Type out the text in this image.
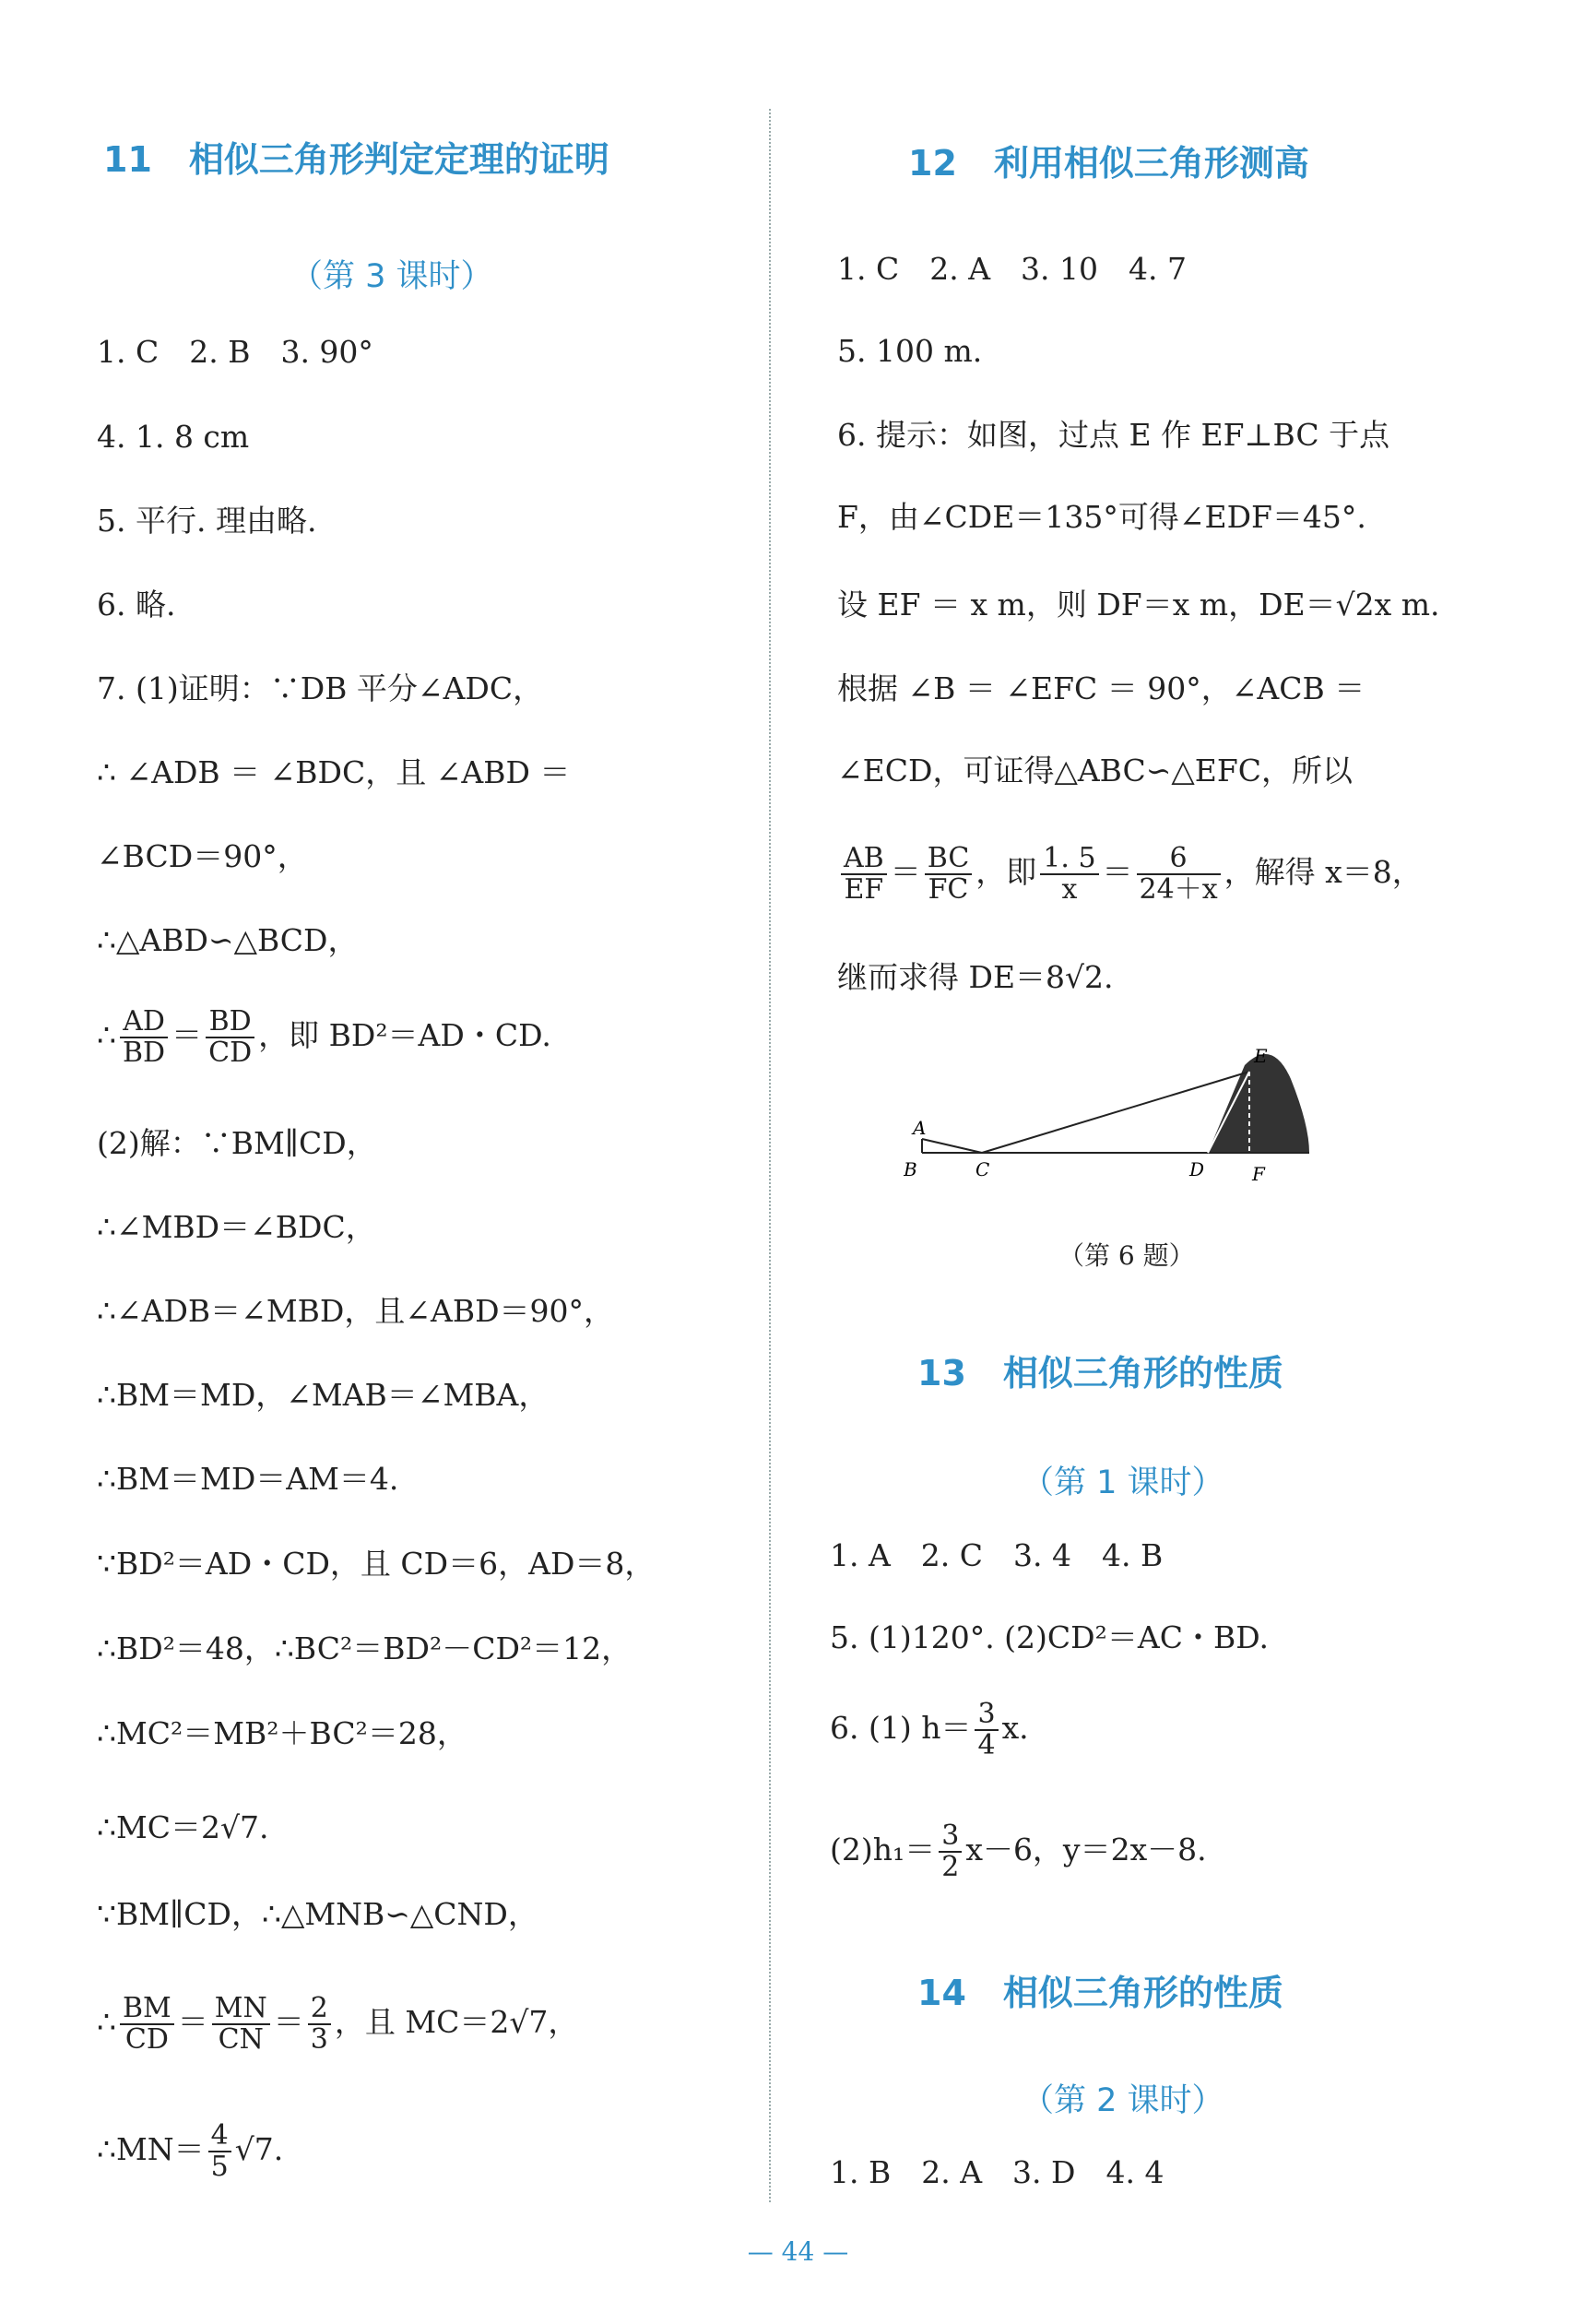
11 相似三角形判定定理的证明
（第 3 课时）
1. C　2. B　3. 90°
4. 1. 8 cm
5. 平行. 理由略.
6. 略.
7. (1)证明：∵DB 平分∠ADC，
∴ ∠ADB ＝ ∠BDC，且 ∠ABD ＝
∠BCD＝90°，
∴△ABD∽△BCD，
∴ $\frac{AD}{BD} = \frac{BD}{CD}$ ，即 BD²＝AD・CD.
(2)解：∵BM∥CD，
∴∠MBD＝∠BDC，
∴∠ADB＝∠MBD，且∠ABD＝90°，
∴BM＝MD，∠MAB＝∠MBA，
∴BM＝MD＝AM＝4.
∵BD²＝AD・CD，且 CD＝6，AD＝8，
∴BD²＝48，∴BC²＝BD²－CD²＝12，
∴MC²＝MB²＋BC²＝28，
∴MC＝2√7.
∵BM∥CD，∴△MNB∽△CND，
∴ $\frac{BM}{CD} = \frac{MN}{CN} = \frac{2}{3}$ ，且 MC＝2√7，
∴MN＝ $\frac{4}{5} √7$.
12 利用相似三角形测高
1. C　2. A　3. 10　4. 7
5. 100 m.
6. 提示：如图，过点 E 作 EF⊥BC 于点
F，由∠CDE＝135°可得∠EDF＝45°.
设 EF ＝ x m，则 DF＝x m，DE＝√2x m.
根据 ∠B ＝ ∠EFC ＝ 90°，∠ACB ＝
∠ECD，可证得△ABC∽△EFC，所以
$\frac{AB}{EF} = \frac{BC}{FC}$ ，即 $\frac{1. 5}{x} = \frac{6}{24+x}$ ，解得 x＝8，
继而求得 DE＝8√2.
A
B	C	D
E
F
（第 6 题）
13 相似三角形的性质
（第 1 课时）
1. A　2. C　3. 4　4. B
5. (1)120°. (2)CD²＝AC・BD.
6. (1) $h= \frac{3}{4} x$.
$(2)h_1= \frac{3}{2} x-6$，y＝2x－8.
14 相似三角形的性质
（第 2 课时）
1. B　2. A　3. D　4. 4
— 44 —
